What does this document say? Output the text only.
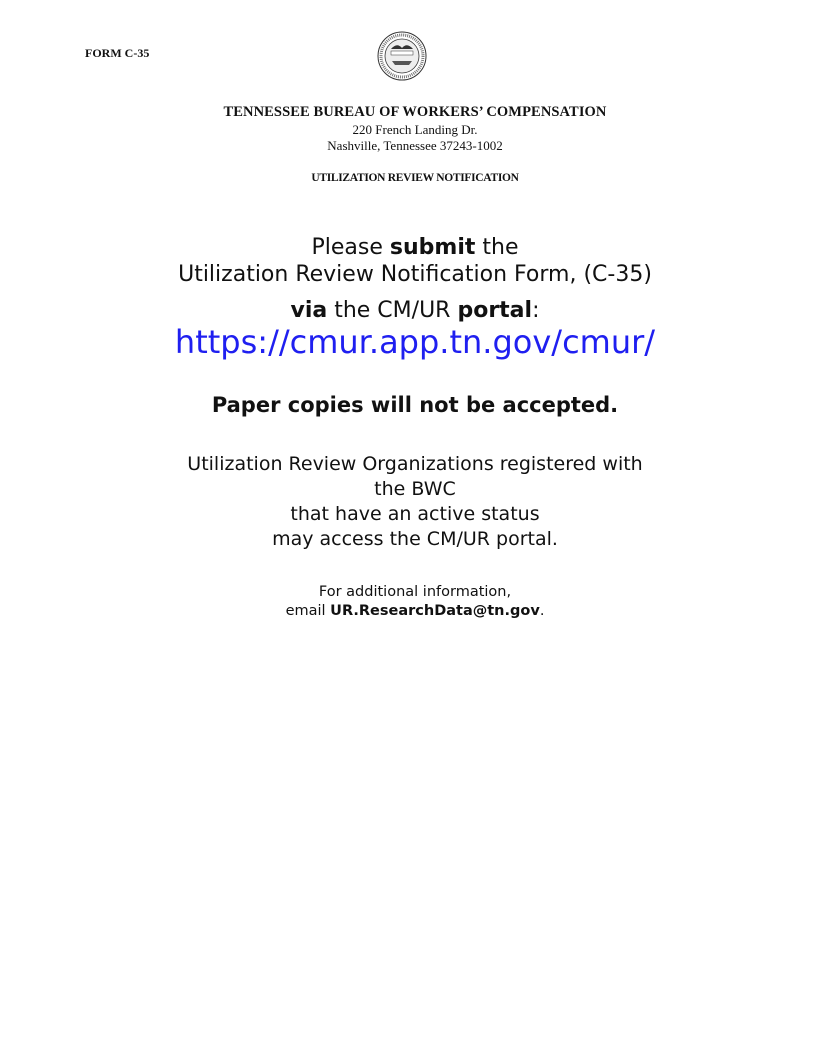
FORM C-35
TENNESSEE BUREAU OF WORKERS’ COMPENSATION
220 French Landing Dr.
Nashville, Tennessee 37243-1002
UTILIZATION REVIEW NOTIFICATION
Please submit the
Utilization Review Notification Form, (C-35)
via the CM/UR portal:
https://cmur.app.tn.gov/cmur/
Paper copies will not be accepted.
Utilization Review Organizations registered with
the BWC
that have an active status
may access the CM/UR portal.
For additional information,
email UR.ResearchData@tn.gov.
